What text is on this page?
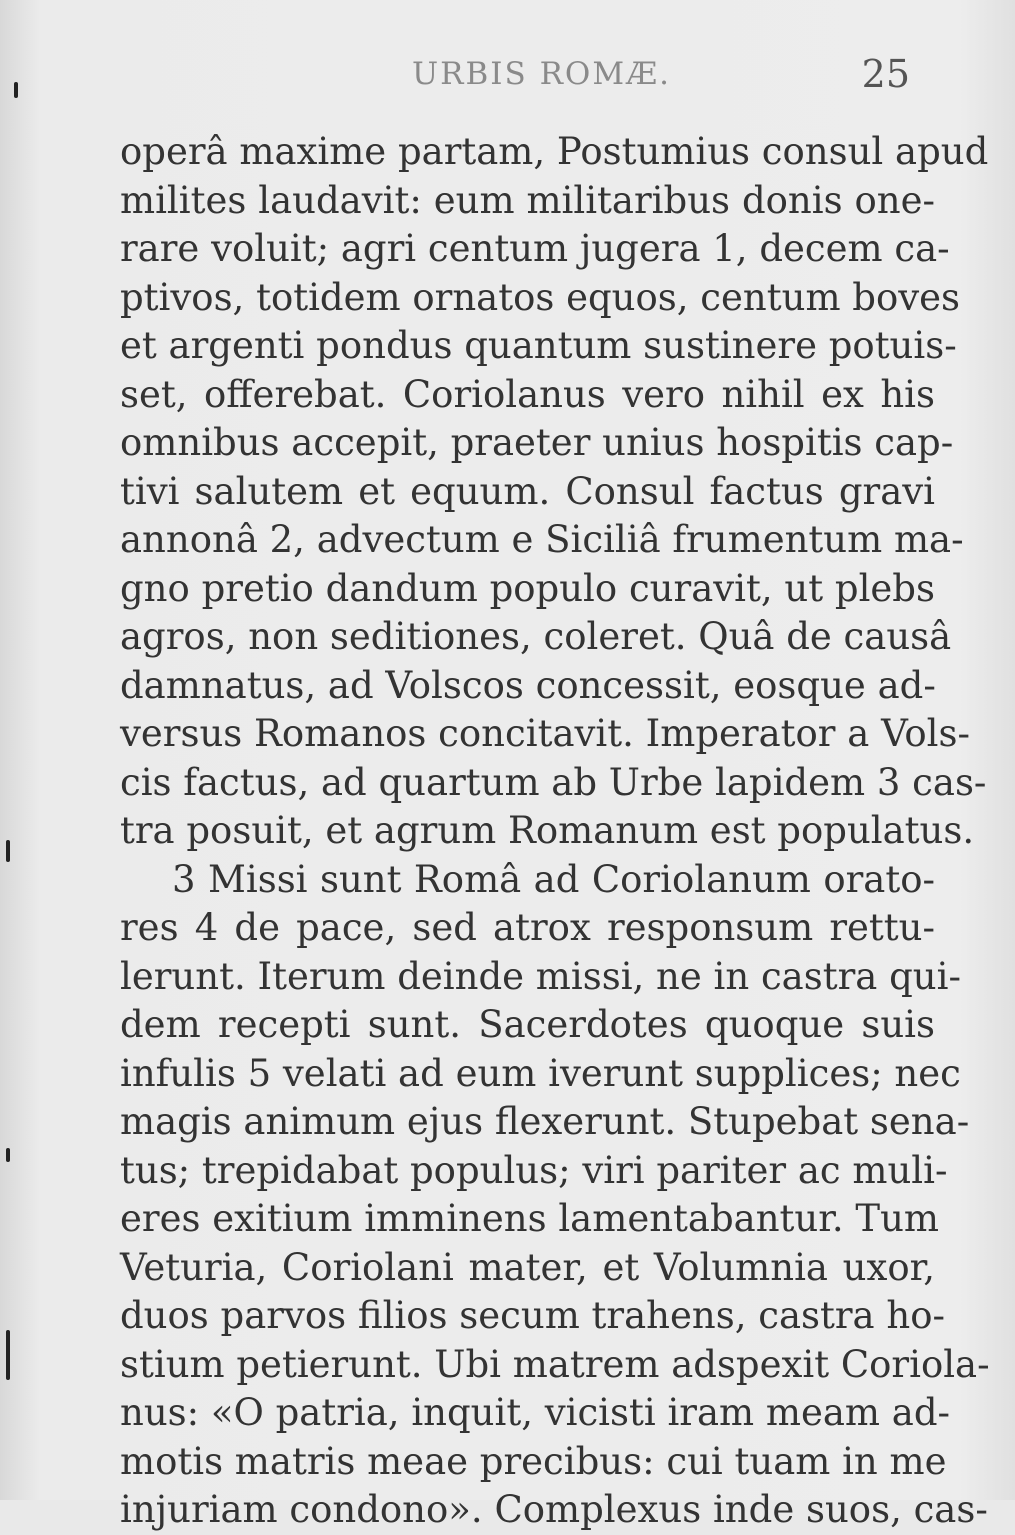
URBIS ROMÆ.	25
operâ maxime partam, Postumius consul apud
milites laudavit: eum militaribus donis one-
rare voluit; agri centum jugera 1, decem ca-
ptivos, totidem ornatos equos, centum boves
et argenti pondus quantum sustinere potuis-
set, offerebat. Coriolanus vero nihil ex his
omnibus accepit, praeter unius hospitis cap-
tivi salutem et equum. Consul factus gravi
annonâ 2, advectum e Siciliâ frumentum ma-
gno pretio dandum populo curavit, ut plebs
agros, non seditiones, coleret. Quâ de causâ
damnatus, ad Volscos concessit, eosque ad-
versus Romanos concitavit. Imperator a Vols-
cis factus, ad quartum ab Urbe lapidem 3 cas-
tra posuit, et agrum Romanum est populatus.
3 Missi sunt Româ ad Coriolanum orato-
res 4 de pace, sed atrox responsum rettu-
lerunt. Iterum deinde missi, ne in castra qui-
dem recepti sunt. Sacerdotes quoque suis
infulis 5 velati ad eum iverunt supplices; nec
magis animum ejus flexerunt. Stupebat sena-
tus; trepidabat populus; viri pariter ac muli-
eres exitium imminens lamentabantur. Tum
Veturia, Coriolani mater, et Volumnia uxor,
duos parvos filios secum trahens, castra ho-
stium petierunt. Ubi matrem adspexit Coriola-
nus: «O patria, inquit, vicisti iram meam ad-
motis matris meae precibus: cui tuam in me
injuriam condono». Complexus inde suos, cas-
